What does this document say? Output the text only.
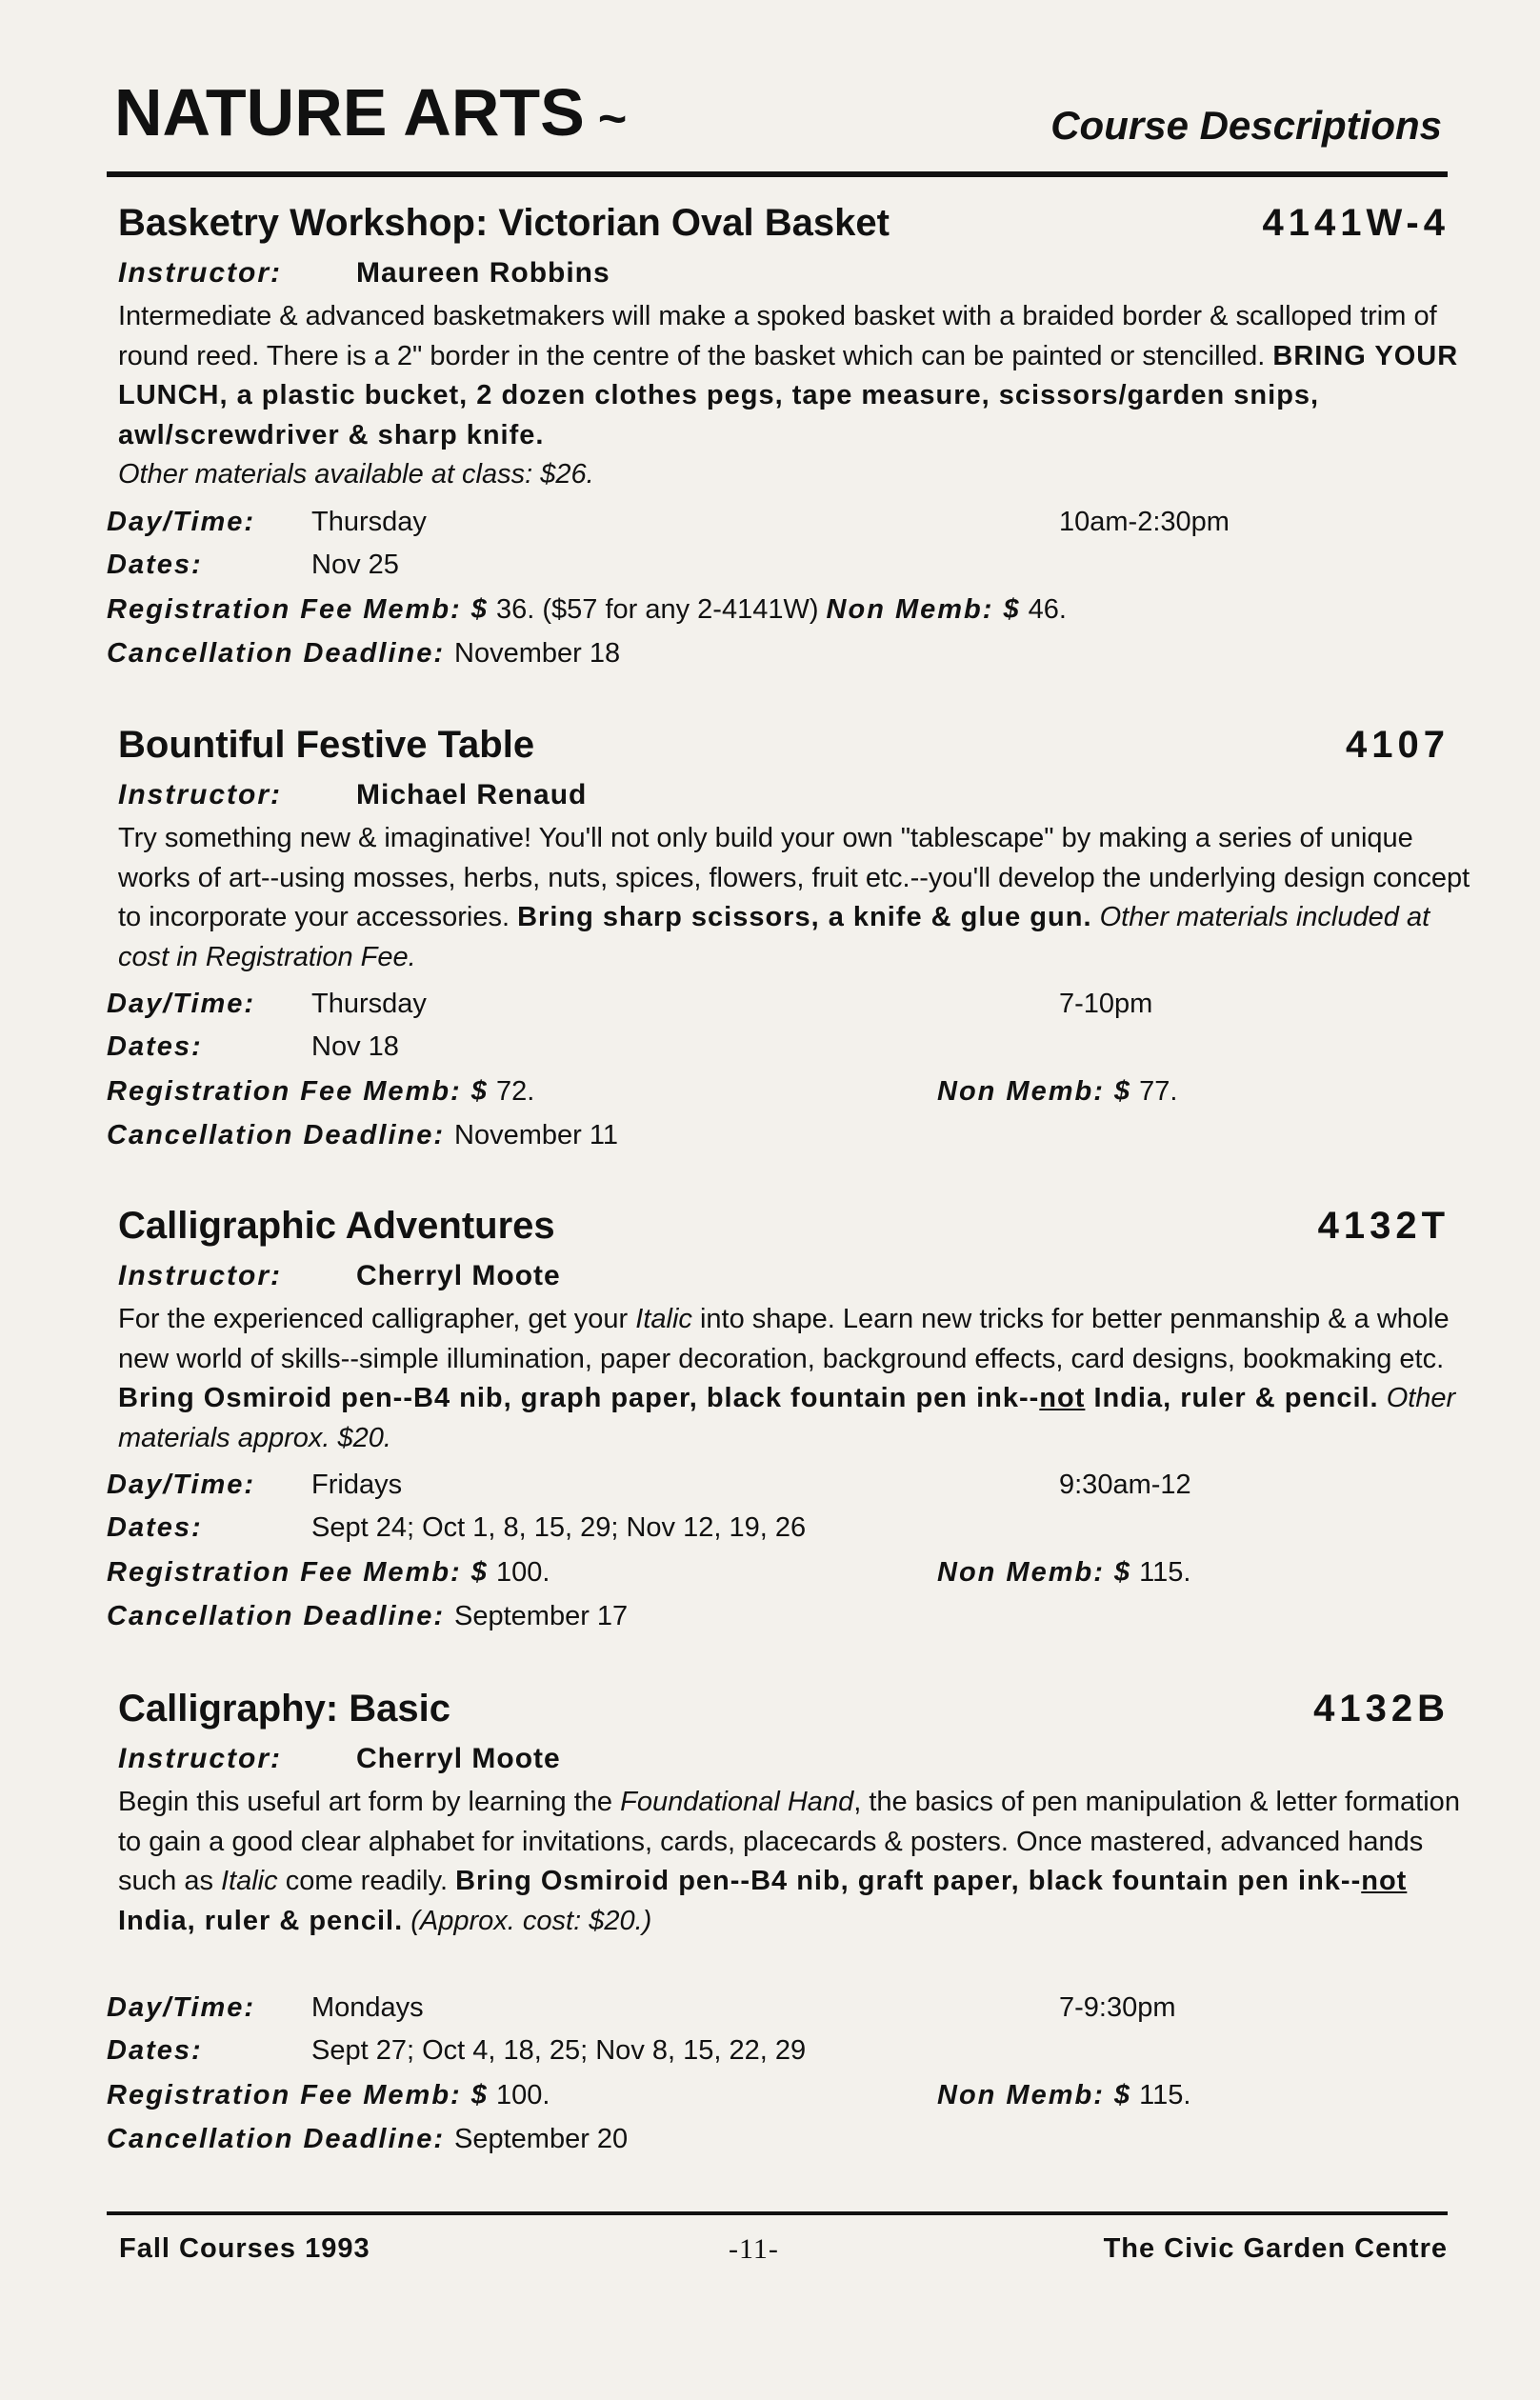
NATURE ARTS ~	Course Descriptions
Basketry Workshop: Victorian Oval Basket	4141W-4
Instructor:	Maureen Robbins
Intermediate & advanced basketmakers will make a spoked basket with a braided border & scalloped trim of round reed. There is a 2" border in the centre of the basket which can be painted or stencilled. BRING YOUR LUNCH, a plastic bucket, 2 dozen clothes pegs, tape measure, scissors/garden snips, awl/screwdriver & sharp knife.
Other materials available at class: $26.
Day/Time: Thursday	10am-2:30pm
Dates:	Nov 25
Registration Fee Memb: $ 36. ($57 for any 2-4141W) Non Memb: $ 46.
Cancellation Deadline: November 18
Bountiful Festive Table	4107
Instructor:	Michael Renaud
Try something new & imaginative! You'll not only build your own "tablescape" by making a series of unique works of art--using mosses, herbs, nuts, spices, flowers, fruit etc.--you'll develop the underlying design concept to incorporate your accessories. Bring sharp scissors, a knife & glue gun. Other materials included at cost in Registration Fee.
Day/Time: Thursday	7-10pm
Dates:	Nov 18
Registration Fee Memb: $ 72.	Non Memb: $ 77.
Cancellation Deadline: November 11
Calligraphic Adventures	4132T
Instructor:	Cherryl Moote
For the experienced calligrapher, get your Italic into shape. Learn new tricks for better penmanship & a whole new world of skills--simple illumination, paper decoration, background effects, card designs, bookmaking etc. Bring Osmiroid pen--B4 nib, graph paper, black fountain pen ink--not India, ruler & pencil. Other materials approx. $20.
Day/Time: Fridays	9:30am-12
Dates:	Sept 24; Oct 1, 8, 15, 29; Nov 12, 19, 26
Registration Fee Memb: $ 100.	Non Memb: $ 115.
Cancellation Deadline: September 17
Calligraphy: Basic	4132B
Instructor:	Cherryl Moote
Begin this useful art form by learning the Foundational Hand, the basics of pen manipulation & letter formation to gain a good clear alphabet for invitations, cards, placecards & posters. Once mastered, advanced hands such as Italic come readily. Bring Osmiroid pen--B4 nib, graft paper, black fountain pen ink--not India, ruler & pencil. (Approx. cost: $20.)
Day/Time: Mondays	7-9:30pm
Dates:	Sept 27; Oct 4, 18, 25; Nov 8, 15, 22, 29
Registration Fee Memb: $ 100.	Non Memb: $ 115.
Cancellation Deadline: September 20
Fall Courses 1993	-11-	The Civic Garden Centre
